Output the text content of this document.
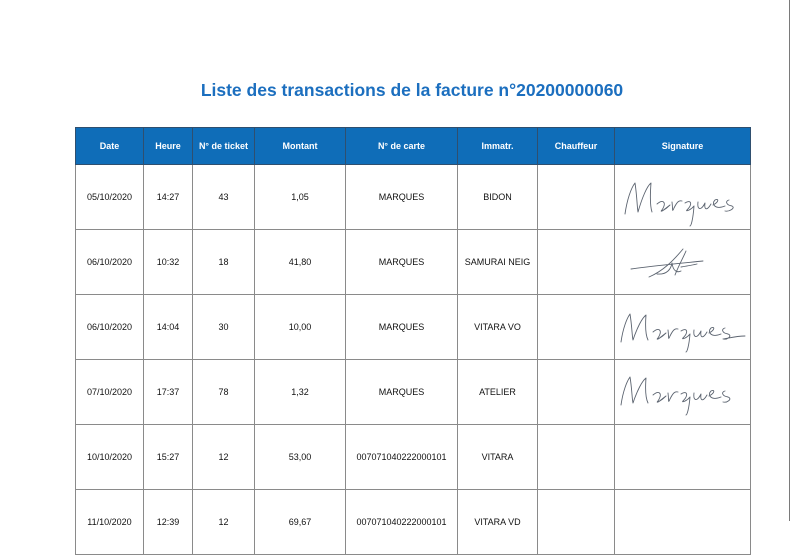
Liste des transactions de la facture n°20200000060
Date	Heure	N° de ticket	Montant	N° de carte	Immatr.	Chauffeur	Signature
05/10/2020	14:27	43	1,05	MARQUES	BIDON		

06/10/2020	10:32	18	41,80	MARQUES	SAMURAI NEIG		

06/10/2020	14:04	30	10,00	MARQUES	VITARA VO		

07/10/2020	17:37	78	1,32	MARQUES	ATELIER		

10/10/2020	15:27	12	53,00	007071040222000101	VITARA		
11/10/2020	12:39	12	69,67	007071040222000101	VITARA VD		
